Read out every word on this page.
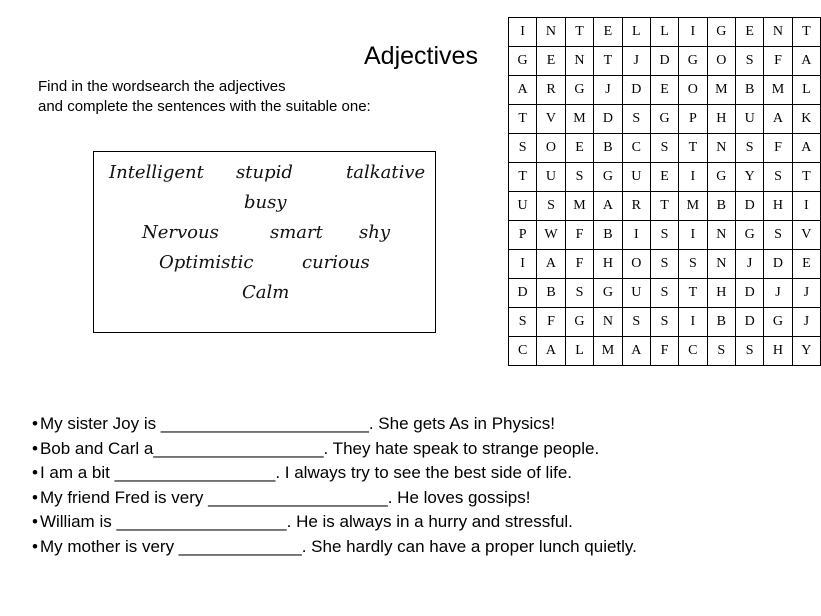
Adjectives
Find in the wordsearch the adjectives
and complete the sentences with the suitable one:
Intelligent stupid	talkative
busy
Nervous	smart shy
Optimistic	curious
Calm
I	N	T	E	L	L	I	G	E	N	T
G	E	N	T	J	D	G	O	S	F	A
A	R	G	J	D	E	O	M	B	M	L
T	V	M	D	S	G	P	H	U	A	K
S	O	E	B	C	S	T	N	S	F	A
T	U	S	G	U	E	I	G	Y	S	T
U	S	M	A	R	T	M	B	D	H	I
P	W	F	B	I	S	I	N	G	S	V
I	A	F	H	O	S	S	N	J	D	E
D	B	S	G	U	S	T	H	D	J	J
S	F	G	N	S	S	I	B	D	G	J
C	A	L	M	A	F	C	S	S	H	Y
• My sister Joy is ______________________. She gets As in Physics!
• Bob and Carl a__________________. They hate speak to strange people.
• I am a bit _________________. I always try to see the best side of life.
• My friend Fred is very ___________________. He loves gossips!
• William is __________________. He is always in a hurry and stressful.
• My mother is very _____________. She hardly can have a proper lunch quietly.
